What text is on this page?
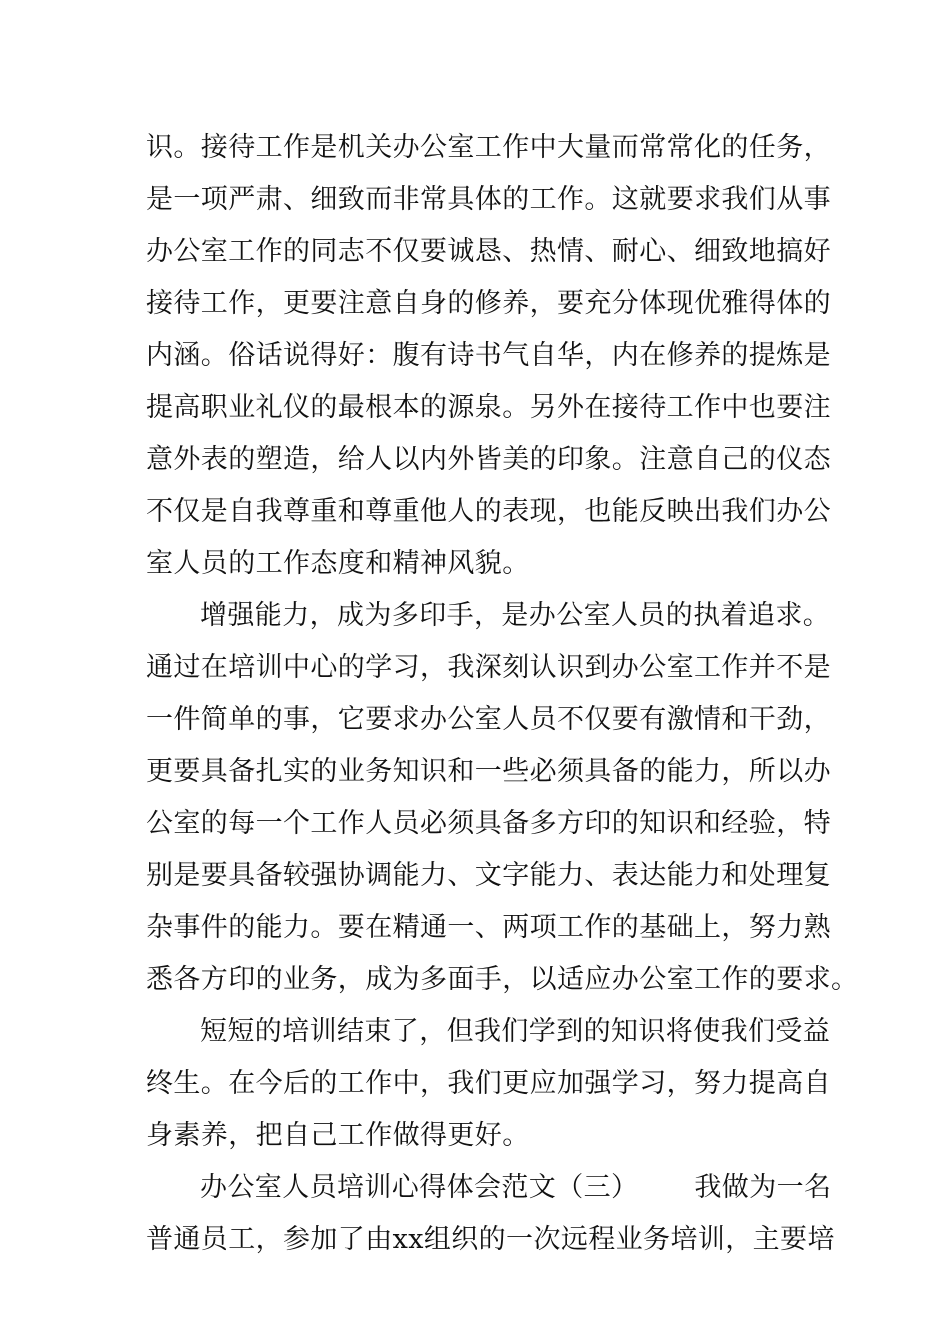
识。接待工作是机关办公室工作中大量而常常化的任务，
是一项严肃、细致而非常具体的工作。这就要求我们从事
办公室工作的同志不仅要诚恳、热情、耐心、细致地搞好
接待工作，更要注意自身的修养，要充分体现优雅得体的
内涵。俗话说得好：腹有诗书气自华，内在修养的提炼是
提高职业礼仪的最根本的源泉。另外在接待工作中也要注
意外表的塑造，给人以内外皆美的印象。注意自己的仪态
不仅是自我尊重和尊重他人的表现，也能反映出我们办公
室人员的工作态度和精神风貌。
增强能力，成为多印手，是办公室人员的执着追求。
通过在培训中心的学习，我深刻认识到办公室工作并不是
一件简单的事，它要求办公室人员不仅要有激情和干劲，
更要具备扎实的业务知识和一些必须具备的能力，所以办
公室的每一个工作人员必须具备多方印的知识和经验，特
别是要具备较强协调能力、文字能力、表达能力和处理复
杂事件的能力。要在精通一、两项工作的基础上，努力熟
悉各方印的业务，成为多面手，以适应办公室工作的要求。
短短的培训结束了，但我们学到的知识将使我们受益
终生。在今后的工作中，我们更应加强学习，努力提高自
身素养，把自己工作做得更好。
办公室人员培训心得体会范文（三） 我做为一名
普通员工，参加了由xx组织的一次远程业务培训，主要培
